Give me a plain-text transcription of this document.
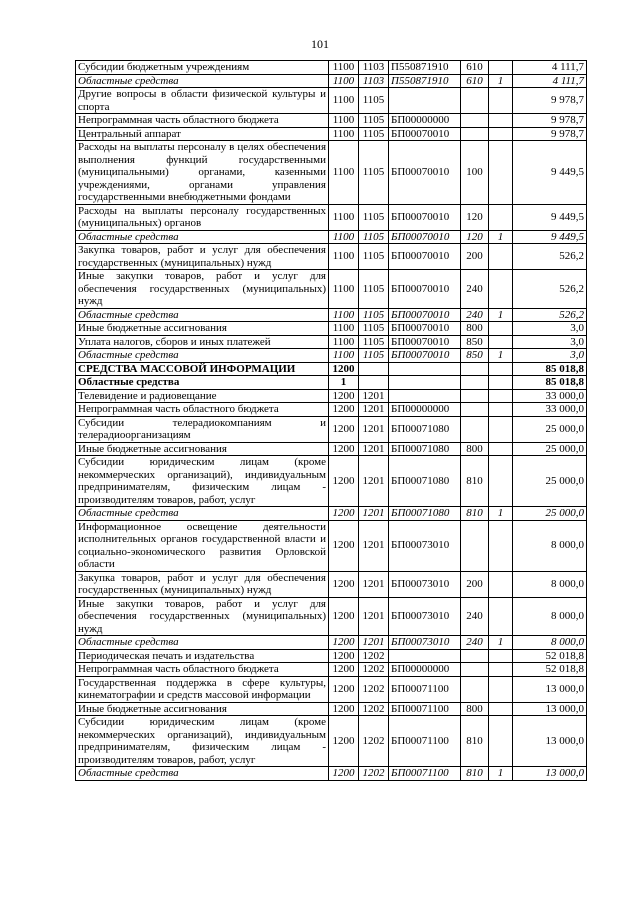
101
Субсидии бюджетным учреждениям	1100	1103	П550871910	610		4 111,7
Областные средства	1100	1103	П550871910	610	1	4 111,7
Другие вопросы в области физической культуры и спорта	1100	1105				9 978,7
Непрограммная часть областного бюджета	1100	1105	БП00000000			9 978,7
Центральный аппарат	1100	1105	БП00070010			9 978,7
Расходы на выплаты персоналу в целях обеспечения выполнения функций государственными (муниципальными) органами, казенными учреждениями, органами управления государственными внебюджетными фондами	1100	1105	БП00070010	100		9 449,5
Расходы на выплаты персоналу государственных (муниципальных) органов	1100	1105	БП00070010	120		9 449,5
Областные средства	1100	1105	БП00070010	120	1	9 449,5
Закупка товаров, работ и услуг для обеспечения государственных (муниципальных) нужд	1100	1105	БП00070010	200		526,2
Иные закупки товаров, работ и услуг для обеспечения государственных (муниципальных) нужд	1100	1105	БП00070010	240		526,2
Областные средства	1100	1105	БП00070010	240	1	526,2
Иные бюджетные ассигнования	1100	1105	БП00070010	800		3,0
Уплата налогов, сборов и иных платежей	1100	1105	БП00070010	850		3,0
Областные средства	1100	1105	БП00070010	850	1	3,0
СРЕДСТВА МАССОВОЙ ИНФОРМАЦИИ	1200					85 018,8
Областные средства	1					85 018,8
Телевидение и радиовещание	1200	1201				33 000,0
Непрограммная часть областного бюджета	1200	1201	БП00000000			33 000,0
Субсидии телерадиокомпаниям и телерадиоорганизациям	1200	1201	БП00071080			25 000,0
Иные бюджетные ассигнования	1200	1201	БП00071080	800		25 000,0
Субсидии юридическим лицам (кроме некоммерческих организаций), индивидуальным предпринимателям, физическим лицам - производителям товаров, работ, услуг	1200	1201	БП00071080	810		25 000,0
Областные средства	1200	1201	БП00071080	810	1	25 000,0
Информационное освещение деятельности исполнительных органов государственной власти и социально-экономического развития Орловской области	1200	1201	БП00073010			8 000,0
Закупка товаров, работ и услуг для обеспечения государственных (муниципальных) нужд	1200	1201	БП00073010	200		8 000,0
Иные закупки товаров, работ и услуг для обеспечения государственных (муниципальных) нужд	1200	1201	БП00073010	240		8 000,0
Областные средства	1200	1201	БП00073010	240	1	8 000,0
Периодическая печать и издательства	1200	1202				52 018,8
Непрограммная часть областного бюджета	1200	1202	БП00000000			52 018,8
Государственная поддержка в сфере культуры, кинематографии и средств массовой информации	1200	1202	БП00071100			13 000,0
Иные бюджетные ассигнования	1200	1202	БП00071100	800		13 000,0
Субсидии юридическим лицам (кроме некоммерческих организаций), индивидуальным предпринимателям, физическим лицам - производителям товаров, работ, услуг	1200	1202	БП00071100	810		13 000,0
Областные средства	1200	1202	БП00071100	810	1	13 000,0
